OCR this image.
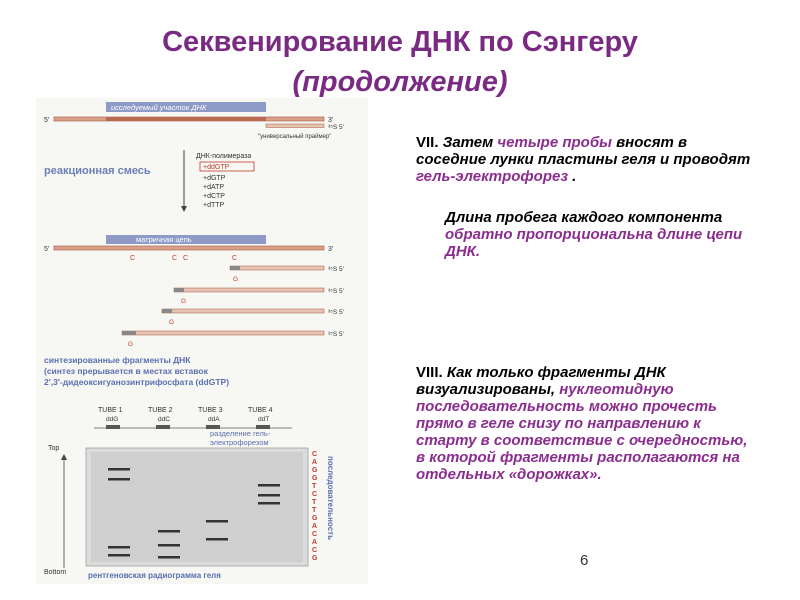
Секвенирование ДНК по Сэнгеру
(продолжение)
исследуемый участок ДНК
5'	3'
³⁵S 5'
"универсальный праймер"
реакционная смесь
ДНК-полимераза
+ddGTP
+dGTP
+dATP
+dCTP
+dTTP
матричная цепь
5'	3'
C	C C	C
³⁵S 5'
G
³⁵S 5'
G
³⁵S 5'
G
³⁵S 5'
G
синтезированные фрагменты ДНК
(синтез прерывается в местах вставок
2',3'-дидеоксигуанозинтрифосфата (ddGTP)
TUBE 1
ddG
TUBE 2
ddC
TUBE 3
ddA
TUBE 4
ddT
разделение гель-
электрофорезом
Top
Bottom
C
A
G
G
T
C
T
T
G
A
C
A
C
G
последовательность
рентгеновская радиограмма геля

VII. Затем четыре пробы вносят в соседние лунки пластины геля и проводят гель-электрофорез .

Длина пробега каждого компонента обратно пропорциональна длине цепи ДНК.

VIII. Как только фрагменты ДНК визуализированы, нуклеотидную последовательность можно прочесть прямо в геле снизу по направлению к старту в соответствие с очередностью, в которой фрагменты располагаются на отдельных «дорожках».

6
